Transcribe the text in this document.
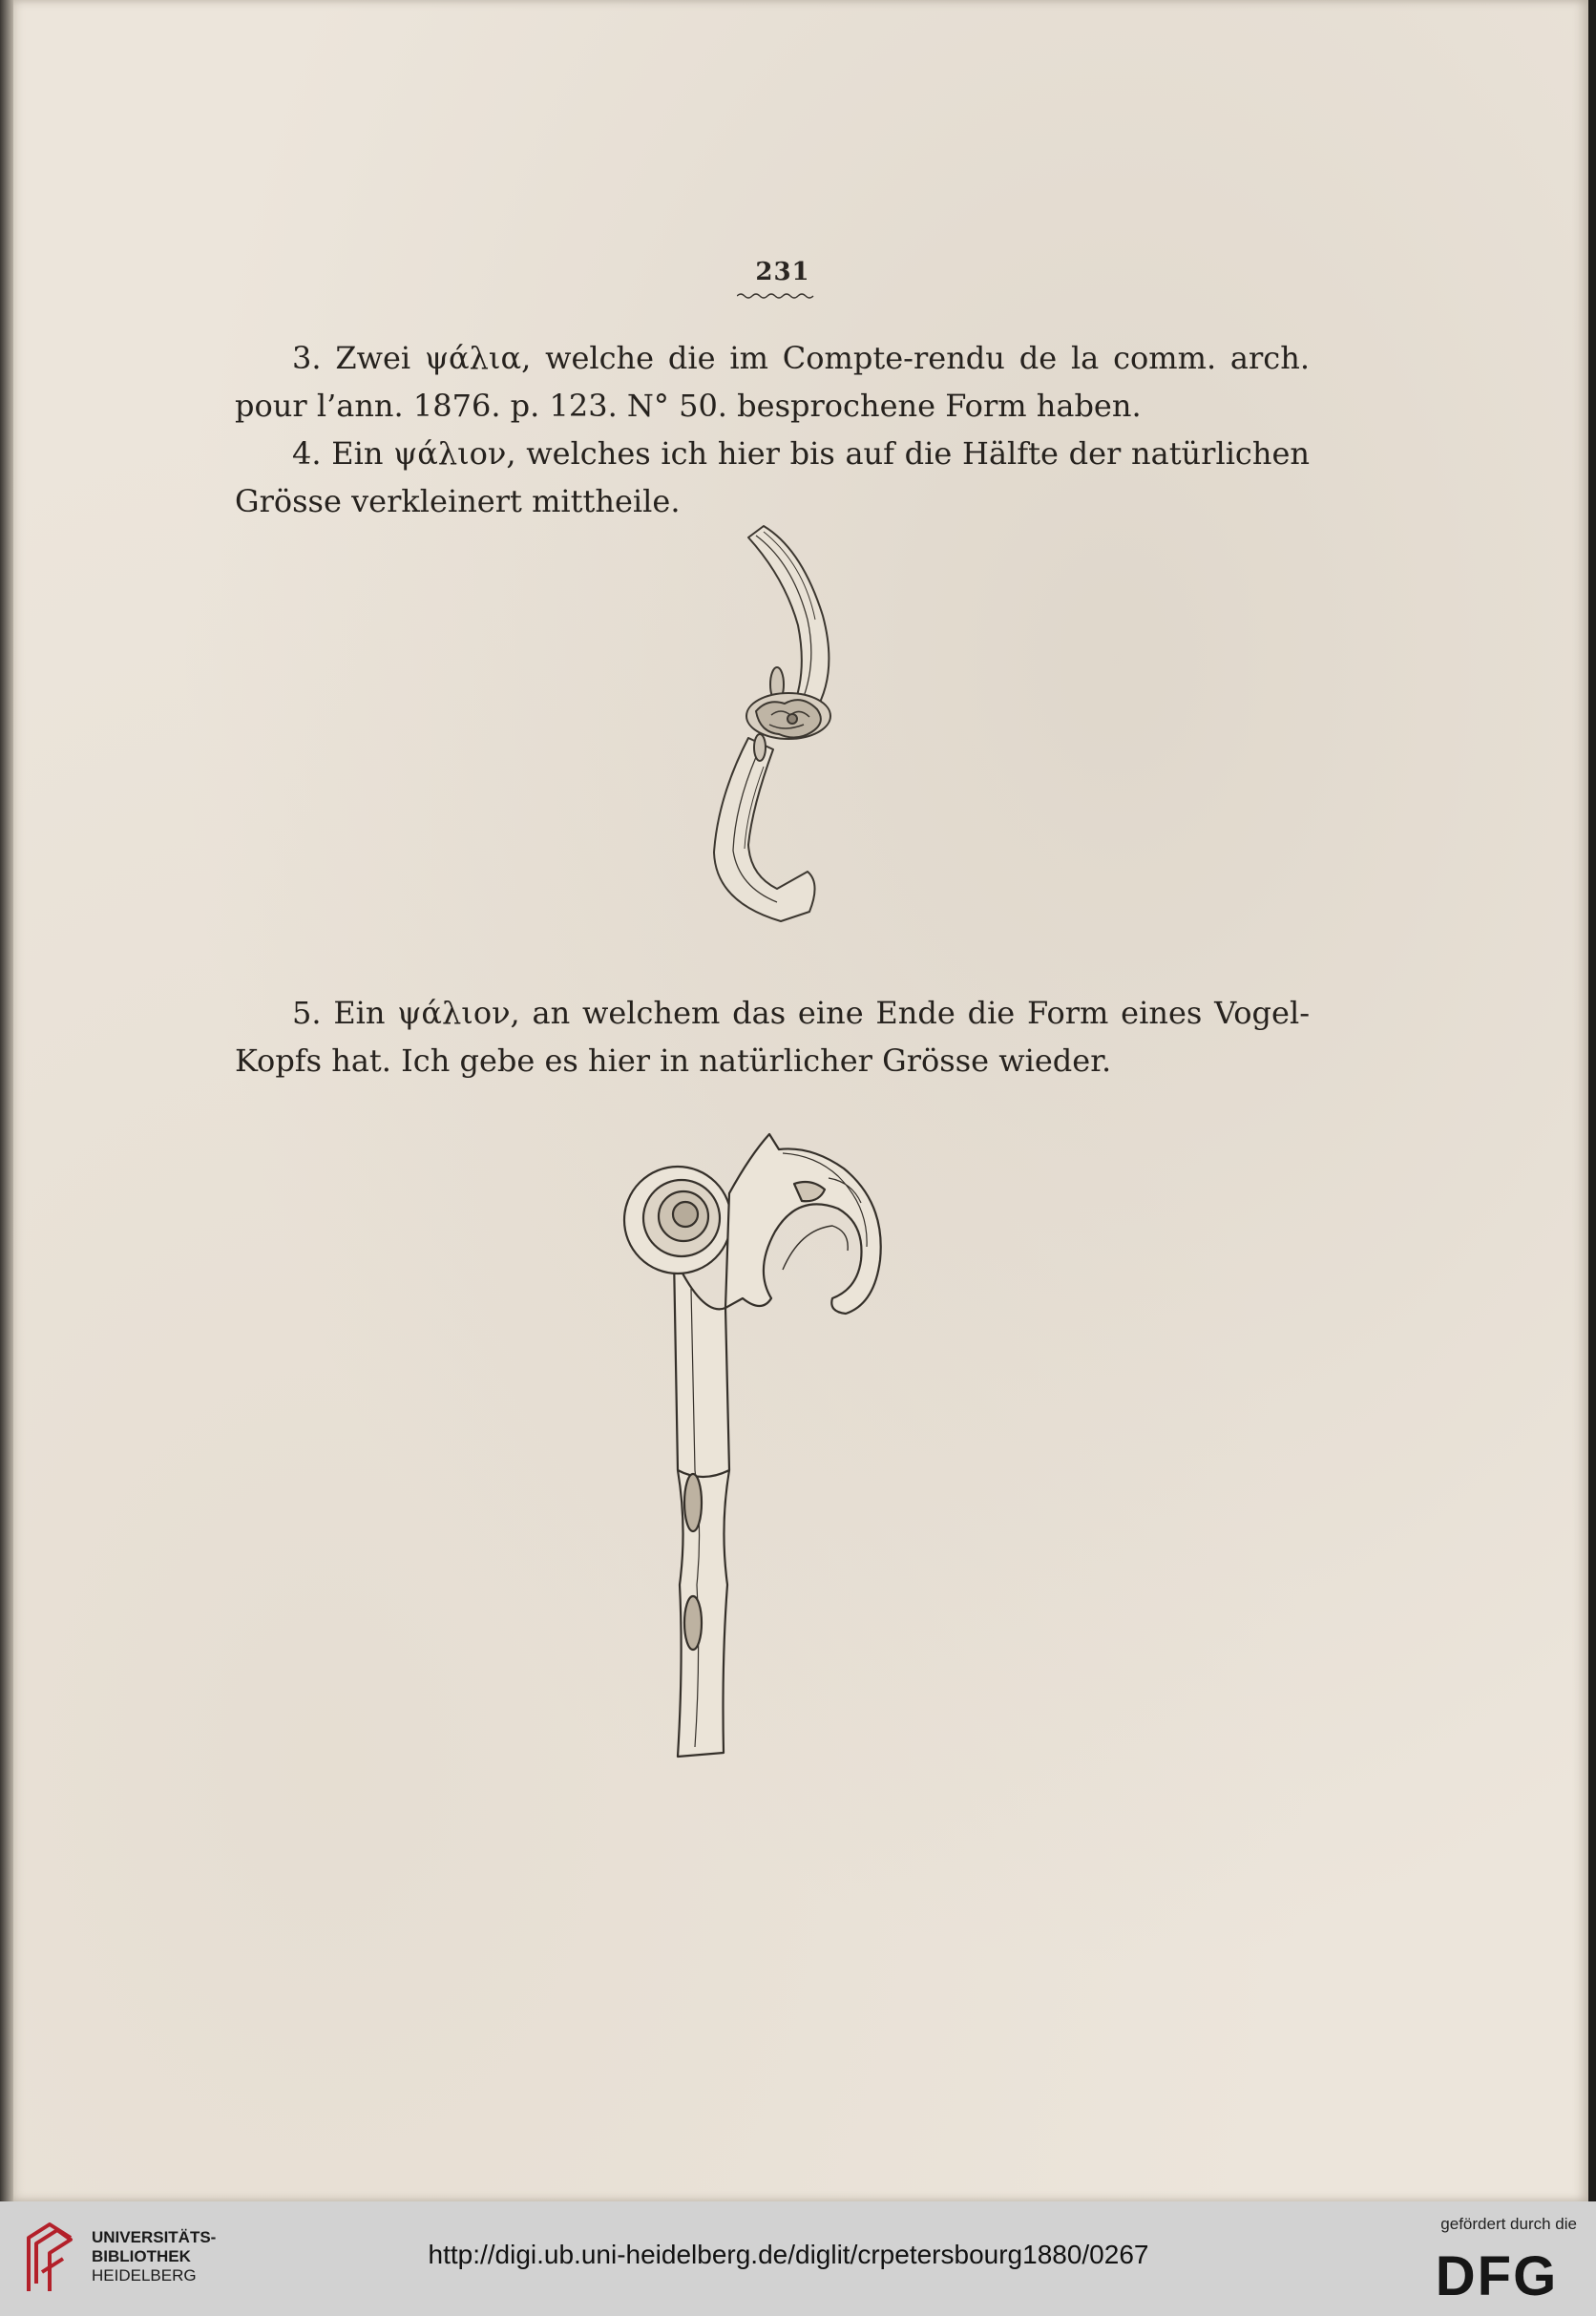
231

3. Zwei ψάλια, welche die im Compte-rendu de la comm. arch. pour l’ann. 1876. p. 123. N° 50. besprochene Form haben.

4. Ein ψάλιον, welches ich hier bis auf die Hälfte der natürlichen Grösse verkleinert mittheile.

5. Ein ψάλιον, an welchem das eine Ende die Form eines Vogel-Kopfs hat. Ich gebe es hier in natürlicher Grösse wieder.

UNIVERSITÄTS-
BIBLIOTHEK
HEIDELBERG
http://digi.ub.uni-heidelberg.de/diglit/crpetersbourg1880/0267
gefördert durch die
DFG
